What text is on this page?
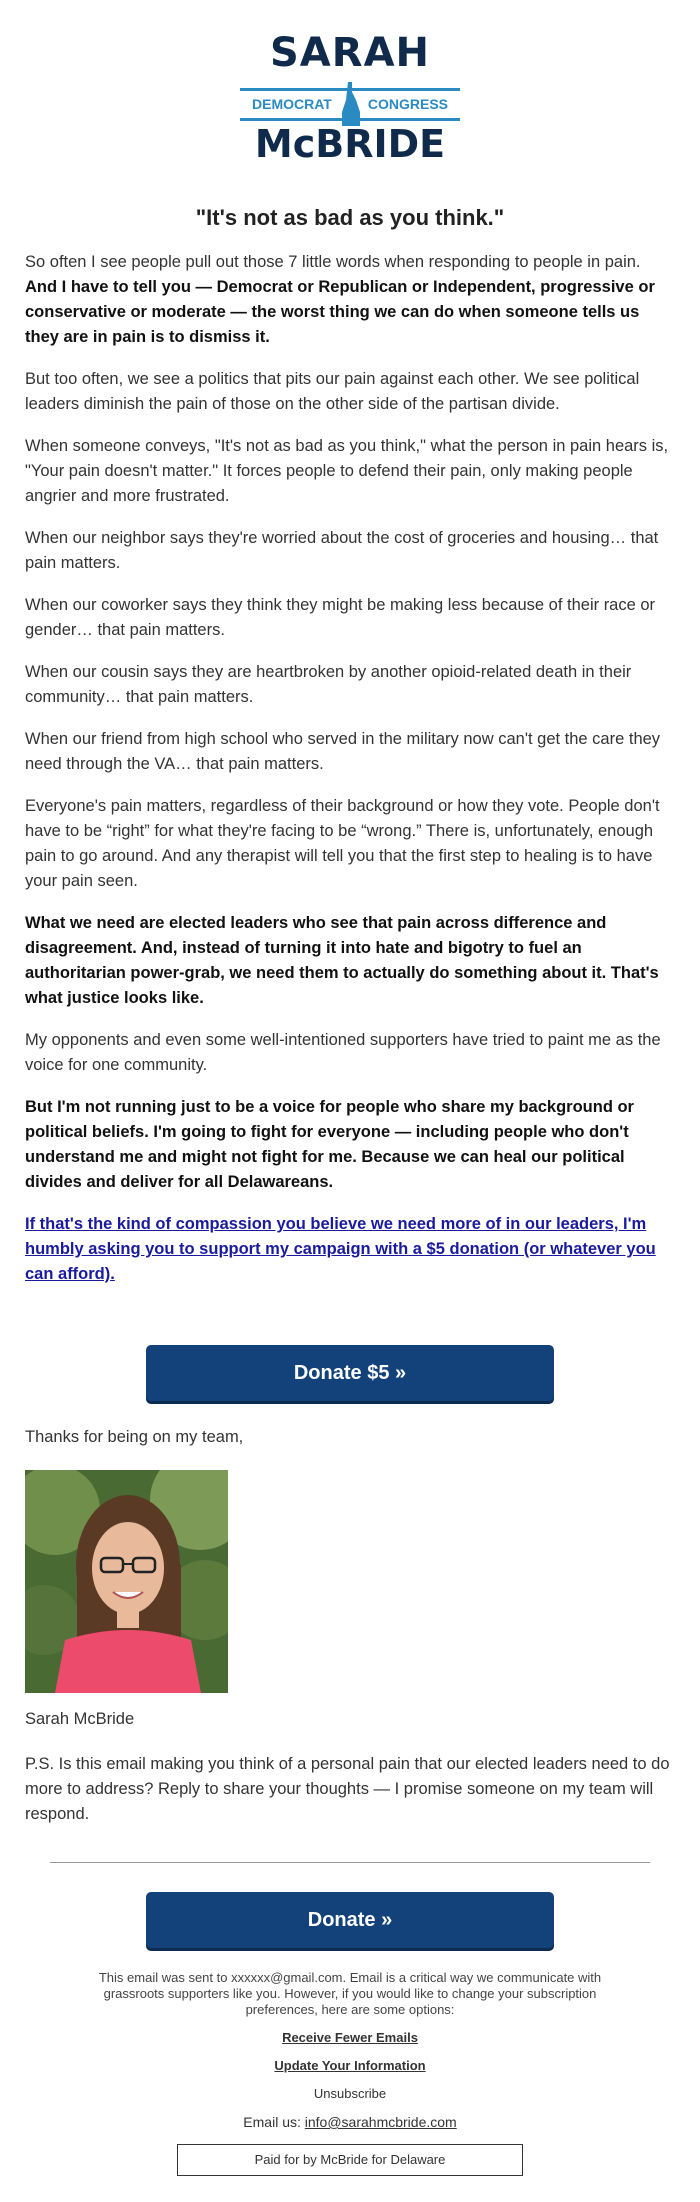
SARAH
DEMOCRAT	CONGRESS
McBRIDE
"It's not as bad as you think."

So often I see people pull out those 7 little words when responding to people in pain. And I have to tell you — Democrat or Republican or Independent, progressive or conservative or moderate — the worst thing we can do when someone tells us they are in pain is to dismiss it.

But too often, we see a politics that pits our pain against each other. We see political leaders diminish the pain of those on the other side of the partisan divide.

When someone conveys, "It's not as bad as you think," what the person in pain hears is, "Your pain doesn't matter." It forces people to defend their pain, only making people angrier and more frustrated.

When our neighbor says they're worried about the cost of groceries and housing… that pain matters.

When our coworker says they think they might be making less because of their race or gender… that pain matters.

When our cousin says they are heartbroken by another opioid-related death in their community… that pain matters.

When our friend from high school who served in the military now can't get the care they need through the VA… that pain matters.

Everyone's pain matters, regardless of their background or how they vote. People don't have to be “right” for what they're facing to be “wrong.” There is, unfortunately, enough pain to go around. And any therapist will tell you that the first step to healing is to have your pain seen.

What we need are elected leaders who see that pain across difference and disagreement. And, instead of turning it into hate and bigotry to fuel an authoritarian power-grab, we need them to actually do something about it. That's what justice looks like.

My opponents and even some well-intentioned supporters have tried to paint me as the voice for one community.

But I'm not running just to be a voice for people who share my background or political beliefs. I'm going to fight for everyone — including people who don't understand me and might not fight for me. Because we can heal our political divides and deliver for all Delawareans.

If that's the kind of compassion you believe we need more of in our leaders, I'm humbly asking you to support my campaign with a $5 donation (or whatever you can afford).

Donate $5 »
Thanks for being on my team,
Sarah McBride
P.S. Is this email making you think of a personal pain that our elected leaders need to do more to address? Reply to share your thoughts — I promise someone on my team will respond.
Donate »
This email was sent to xxxxxx@gmail.com. Email is a critical way we communicate with grassroots supporters like you. However, if you would like to change your subscription preferences, here are some options:
Receive Fewer Emails
Update Your Information
Unsubscribe
Email us: info@sarahmcbride.com
Paid for by McBride for Delaware
